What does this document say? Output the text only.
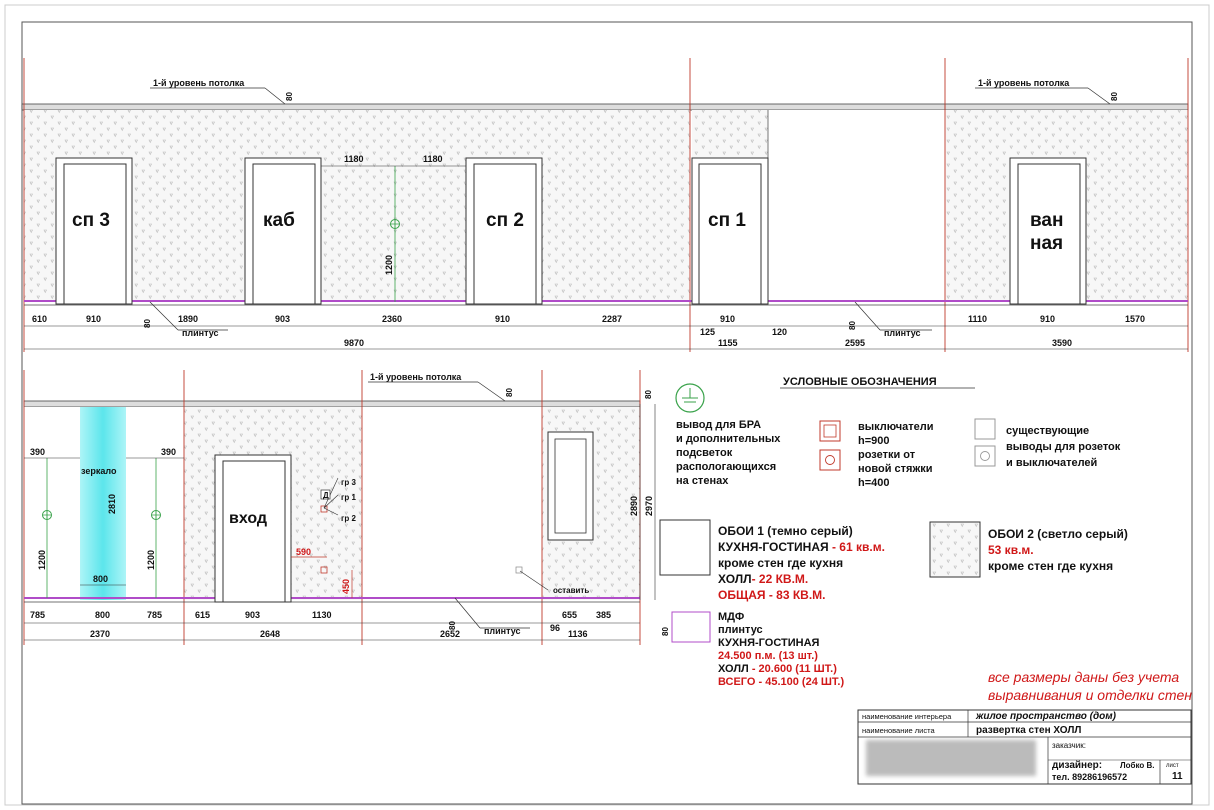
1-й уровень потолка	1-й уровень потолка
80	80
сп 3	каб	сп 2	сп 1	ван
ная
1180	1180
1200
610	910	1890	903	2360	910	2287	910	1110	910	1570
125	120
80	80
плинтус	плинтус
9870	1155	2595	3590
1-й уровень потолка
80	80
зеркало
вход
390	390
2810
1200	1200
2890 2970
800
гр 3
гр 1
гр 2
Д
590
450	оставить
785	800	785	615	903	1130	655 385
96
80
плинтус
2370	2648	2652	1136
УСЛОВНЫЕ ОБОЗНАЧЕНИЯ
вывод для БРА
и дополнительных
подсветок
распологающихся
на стенах
выключатели
h=900
розетки от
новой стяжки
h=400
существующие
выводы для розеток
и выключателей
ОБОИ 1 (темно серый)
КУХНЯ-ГОСТИНАЯ - 61 кв.м.
кроме стен где кухня
ХОЛЛ- 22 КВ.М.
ОБЩАЯ - 83 КВ.М.
ОБОИ 2 (светло серый)
53 кв.м.
кроме стен где кухня
80
МДФ
плинтус
КУХНЯ-ГОСТИНАЯ
24.500 п.м. (13 шт.)
ХОЛЛ - 20.600 (11 ШТ.)
ВСЕГО - 45.100 (24 ШТ.)	все размеры даны без учета
выравнивания и отделки стен
наименование интерьера жилое пространство (дом)
наименование листа	развертка стен ХОЛЛ
заказчик:
дизайнер: Лобко В.
тел. 89286196572
лист
11
